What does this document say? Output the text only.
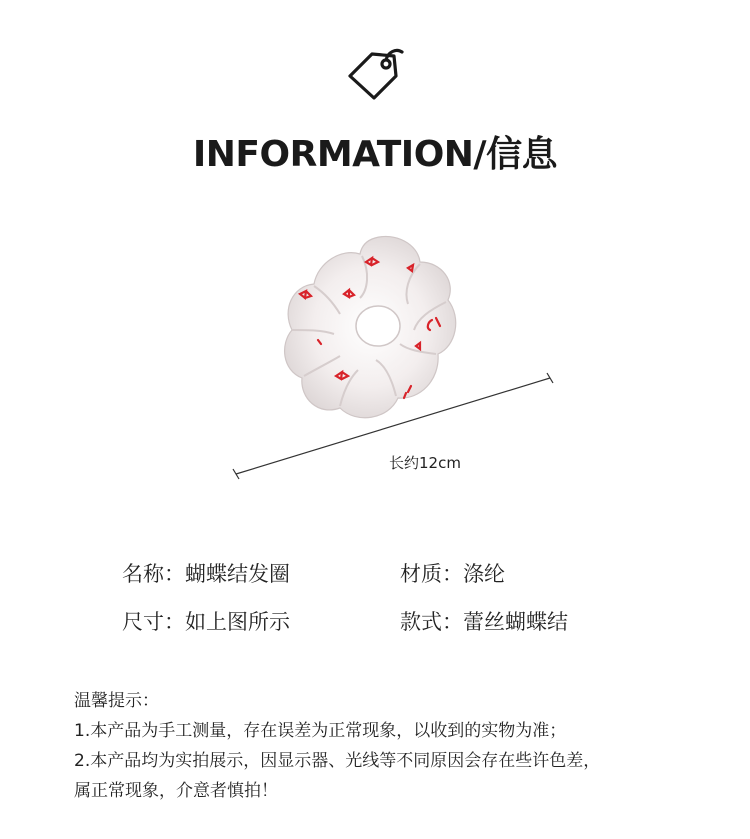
INFORMATION/信息
长约12cm
名称：蝴蝶结发圈	材质：涤纶
尺寸：如上图所示	款式：蕾丝蝴蝶结
温馨提示：
1.本产品为手工测量，存在误差为正常现象，以收到的实物为准；
2.本产品均为实拍展示，因显示器、光线等不同原因会存在些许色差，
属正常现象，介意者慎拍！
